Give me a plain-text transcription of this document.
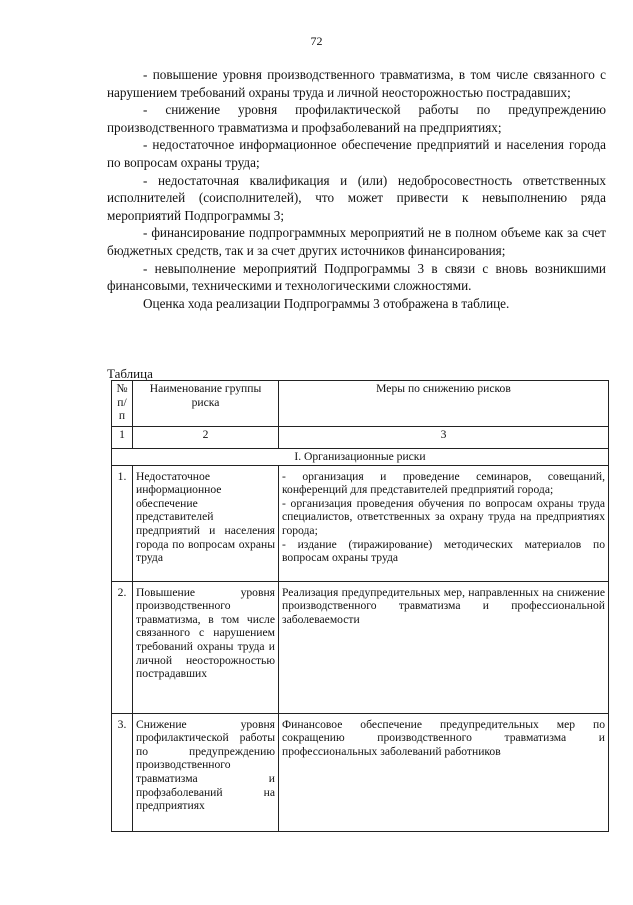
72

- повышение уровня производственного травматизма, в том числе связанного с нарушением требований охраны труда и личной неосторожностью пострадавших;

- снижение уровня профилактической работы по предупреждению производственного травматизма и профзаболеваний на предприятиях;

- недостаточное информационное обеспечение предприятий и населения города по вопросам охраны труда;

- недостаточная квалификация и (или) недобросовестность ответственных исполнителей (соисполнителей), что может привести к невыполнению ряда мероприятий Подпрограммы 3;

- финансирование подпрограммных мероприятий не в полном объеме как за счет бюджетных средств, так и за счет других источников финансирования;

- невыполнение мероприятий Подпрограммы 3 в связи с вновь возникшими финансовыми, техническими и технологическими сложностями.

Оценка хода реализации Подпрограммы 3 отображена в таблице.

Таблица
№ п/п	Наименование группы риска	Меры по снижению рисков
1	2	3
I. Организационные риски		
1.	Недостаточное информационное обеспечение представителей предприятий и населения города по вопросам охраны труда	- организация и проведение семинаров, совещаний, конференций для представителей предприятий города;
- организация проведения обучения по вопросам охраны труда специалистов, ответственных за охрану труда на предприятиях города;
- издание (тиражирование) методических материалов по вопросам охраны труда

2.	Повышение уровня производственного травматизма, в том числе связанного с нарушением требований охраны труда и личной неосторожностью пострадавших	Реализация предупредительных мер, направленных на снижение производственного травматизма и профессиональной заболеваемости

3.	Снижение уровня профилактической работы по предупреждению производственного травматизма и профзаболеваний на предприятиях	Финансовое обеспечение предупредительных мер по сокращению производственного травматизма и профессиональных заболеваний работников
